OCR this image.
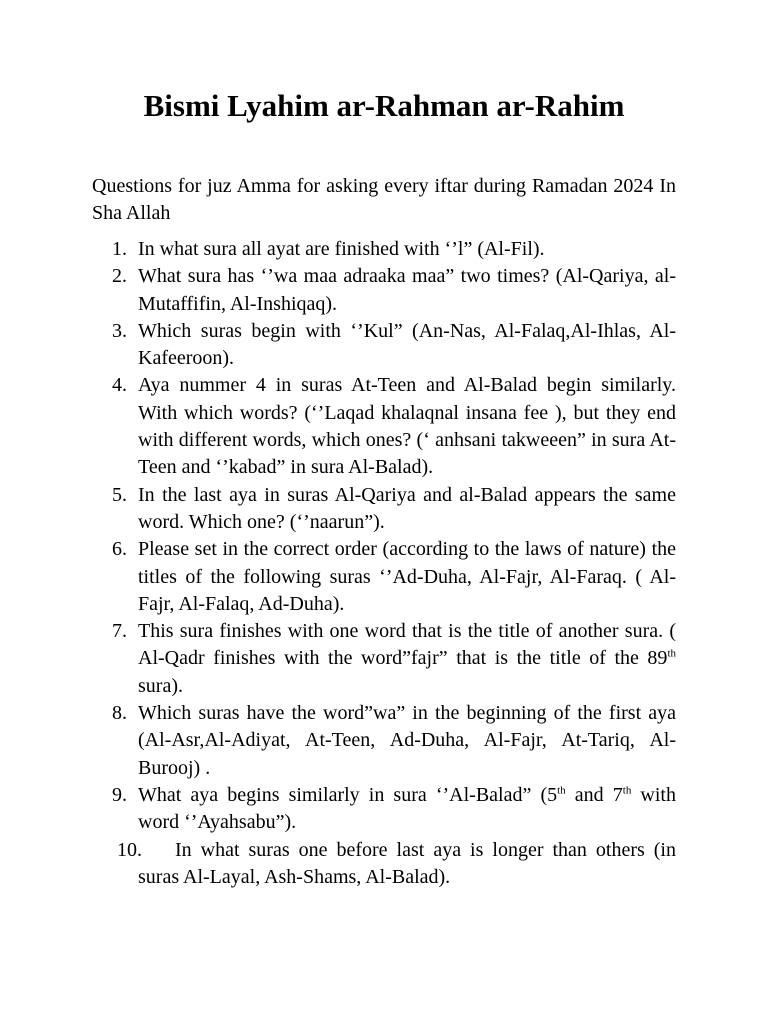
Bismi Lyahim ar-Rahman ar-Rahim

Questions for juz Amma for asking every iftar during Ramadan 2024 In Sha Allah

1. In what sura all ayat are finished with ‘’l” (Al-Fil).
2. What sura has ‘’wa maa adraaka maa” two times? (Al-Qariya, al-Mutaffifin, Al-Inshiqaq).
3. Which suras begin with ‘’Kul” (An-Nas, Al-Falaq,Al-Ihlas, Al-Kafeeroon).
4. Aya nummer 4 in suras At-Teen and Al-Balad begin similarly. With which words? (‘’Laqad khalaqnal insana fee ), but they end with different words, which ones? (‘ anhsani takweeen” in sura At-Teen and ‘’kabad” in sura Al-Balad).
5. In the last aya in suras Al-Qariya and al-Balad appears the same word. Which one? (‘’naarun”).
6. Please set in the correct order (according to the laws of nature) the titles of the following suras ‘’Ad-Duha, Al-Fajr, Al-Faraq. ( Al-Fajr, Al-Falaq, Ad-Duha).
7. This sura finishes with one word that is the title of another sura. ( Al-Qadr finishes with the word”fajr” that is the title of the 89th sura).
8. Which suras have the word”wa” in the beginning of the first aya (Al-Asr,Al-Adiyat, At-Teen, Ad-Duha, Al-Fajr, At-Tariq, Al-Burooj) .
9. What aya begins similarly in sura ‘’Al-Balad” (5th and 7th with word ‘’Ayahsabu”).
10. In what suras one before last aya is longer than others (in suras Al-Layal, Ash-Shams, Al-Balad).
